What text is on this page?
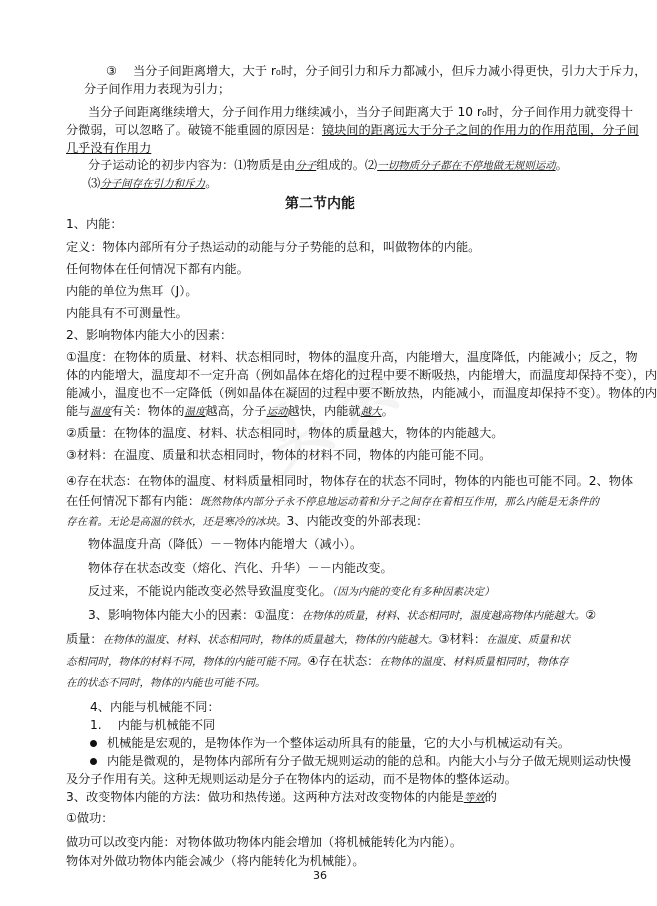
③　 当分子间距离增大，大于 r₀时，分子间引力和斥力都减小，但斥力减小得更快，引力大于斥力，
分子间作用力表现为引力；
当分子间距离继续增大，分子间作用力继续减小，当分子间距离大于 10 r₀时，分子间作用力就变得十
分微弱，可以忽略了。破镜不能重圆的原因是：镜块间的距离远大于分子之间的作用力的作用范围，分子间
几乎没有作用力
分子运动论的初步内容为：⑴物质是由分子组成的。⑵一切物质分子都在不停地做无规则运动。
⑶分子间存在引力和斥力。
第二节内能
1、内能：
定义：物体内部所有分子热运动的动能与分子势能的总和，叫做物体的内能。
任何物体在任何情况下都有内能。
内能的单位为焦耳（J）。
内能具有不可测量性。
2、影响物体内能大小的因素：
①温度：在物体的质量、材料、状态相同时，物体的温度升高，内能增大，温度降低，内能减小；反之，物
体的内能增大，温度却不一定升高（例如晶体在熔化的过程中要不断吸热，内能增大，而温度却保持不变），内
能减小，温度也不一定降低（例如晶体在凝固的过程中要不断放热，内能减小，而温度却保持不变）。物体的内
能与温度有关：物体的温度越高，分子运动越快，内能就越大。
②质量：在物体的温度、材料、状态相同时，物体的质量越大，物体的内能越大。
③材料：在温度、质量和状态相同时，物体的材料不同，物体的内能可能不同。
④存在状态：在物体的温度、材料质量相同时，物体存在的状态不同时，物体的内能也可能不同。2、物体
在任何情况下都有内能：既然物体内部分子永不停息地运动着和分子之间存在着相互作用，那么内能是无条件的
存在着。无论是高温的铁水，还是寒冷的冰块。3、内能改变的外部表现：
物体温度升高（降低）－－物体内能增大（减小）。
物体存在状态改变（熔化、汽化、升华）－－内能改变。
反过来，不能说内能改变必然导致温度变化。（因为内能的变化有多种因素决定）
3、影响物体内能大小的因素：①温度：在物体的质量，材料、状态相同时，温度越高物体内能越大。②
质量：在物体的温度、材料、状态相同时，物体的质量越大，物体的内能越大。③材料：在温度、质量和状
态相同时，物体的材料不同，物体的内能可能不同。④存在状态：在物体的温度、材料质量相同时，物体存
在的状态不同时，物体的内能也可能不同。
4、内能与机械能不同：
1.　 内能与机械能不同
机械能是宏观的，是物体作为一个整体运动所具有的能量，它的大小与机械运动有关。
内能是微观的，是物体内部所有分子做无规则运动的能的总和。内能大小与分子做无规则运动快慢
及分子作用有关。这种无规则运动是分子在物体内的运动，而不是物体的整体运动。
3、改变物体内能的方法：做功和热传递。这两种方法对改变物体的内能是等效的
①做功：
做功可以改变内能：对物体做功物体内能会增加（将机械能转化为内能）。
物体对外做功物体内能会减少（将内能转化为机械能）。
36
